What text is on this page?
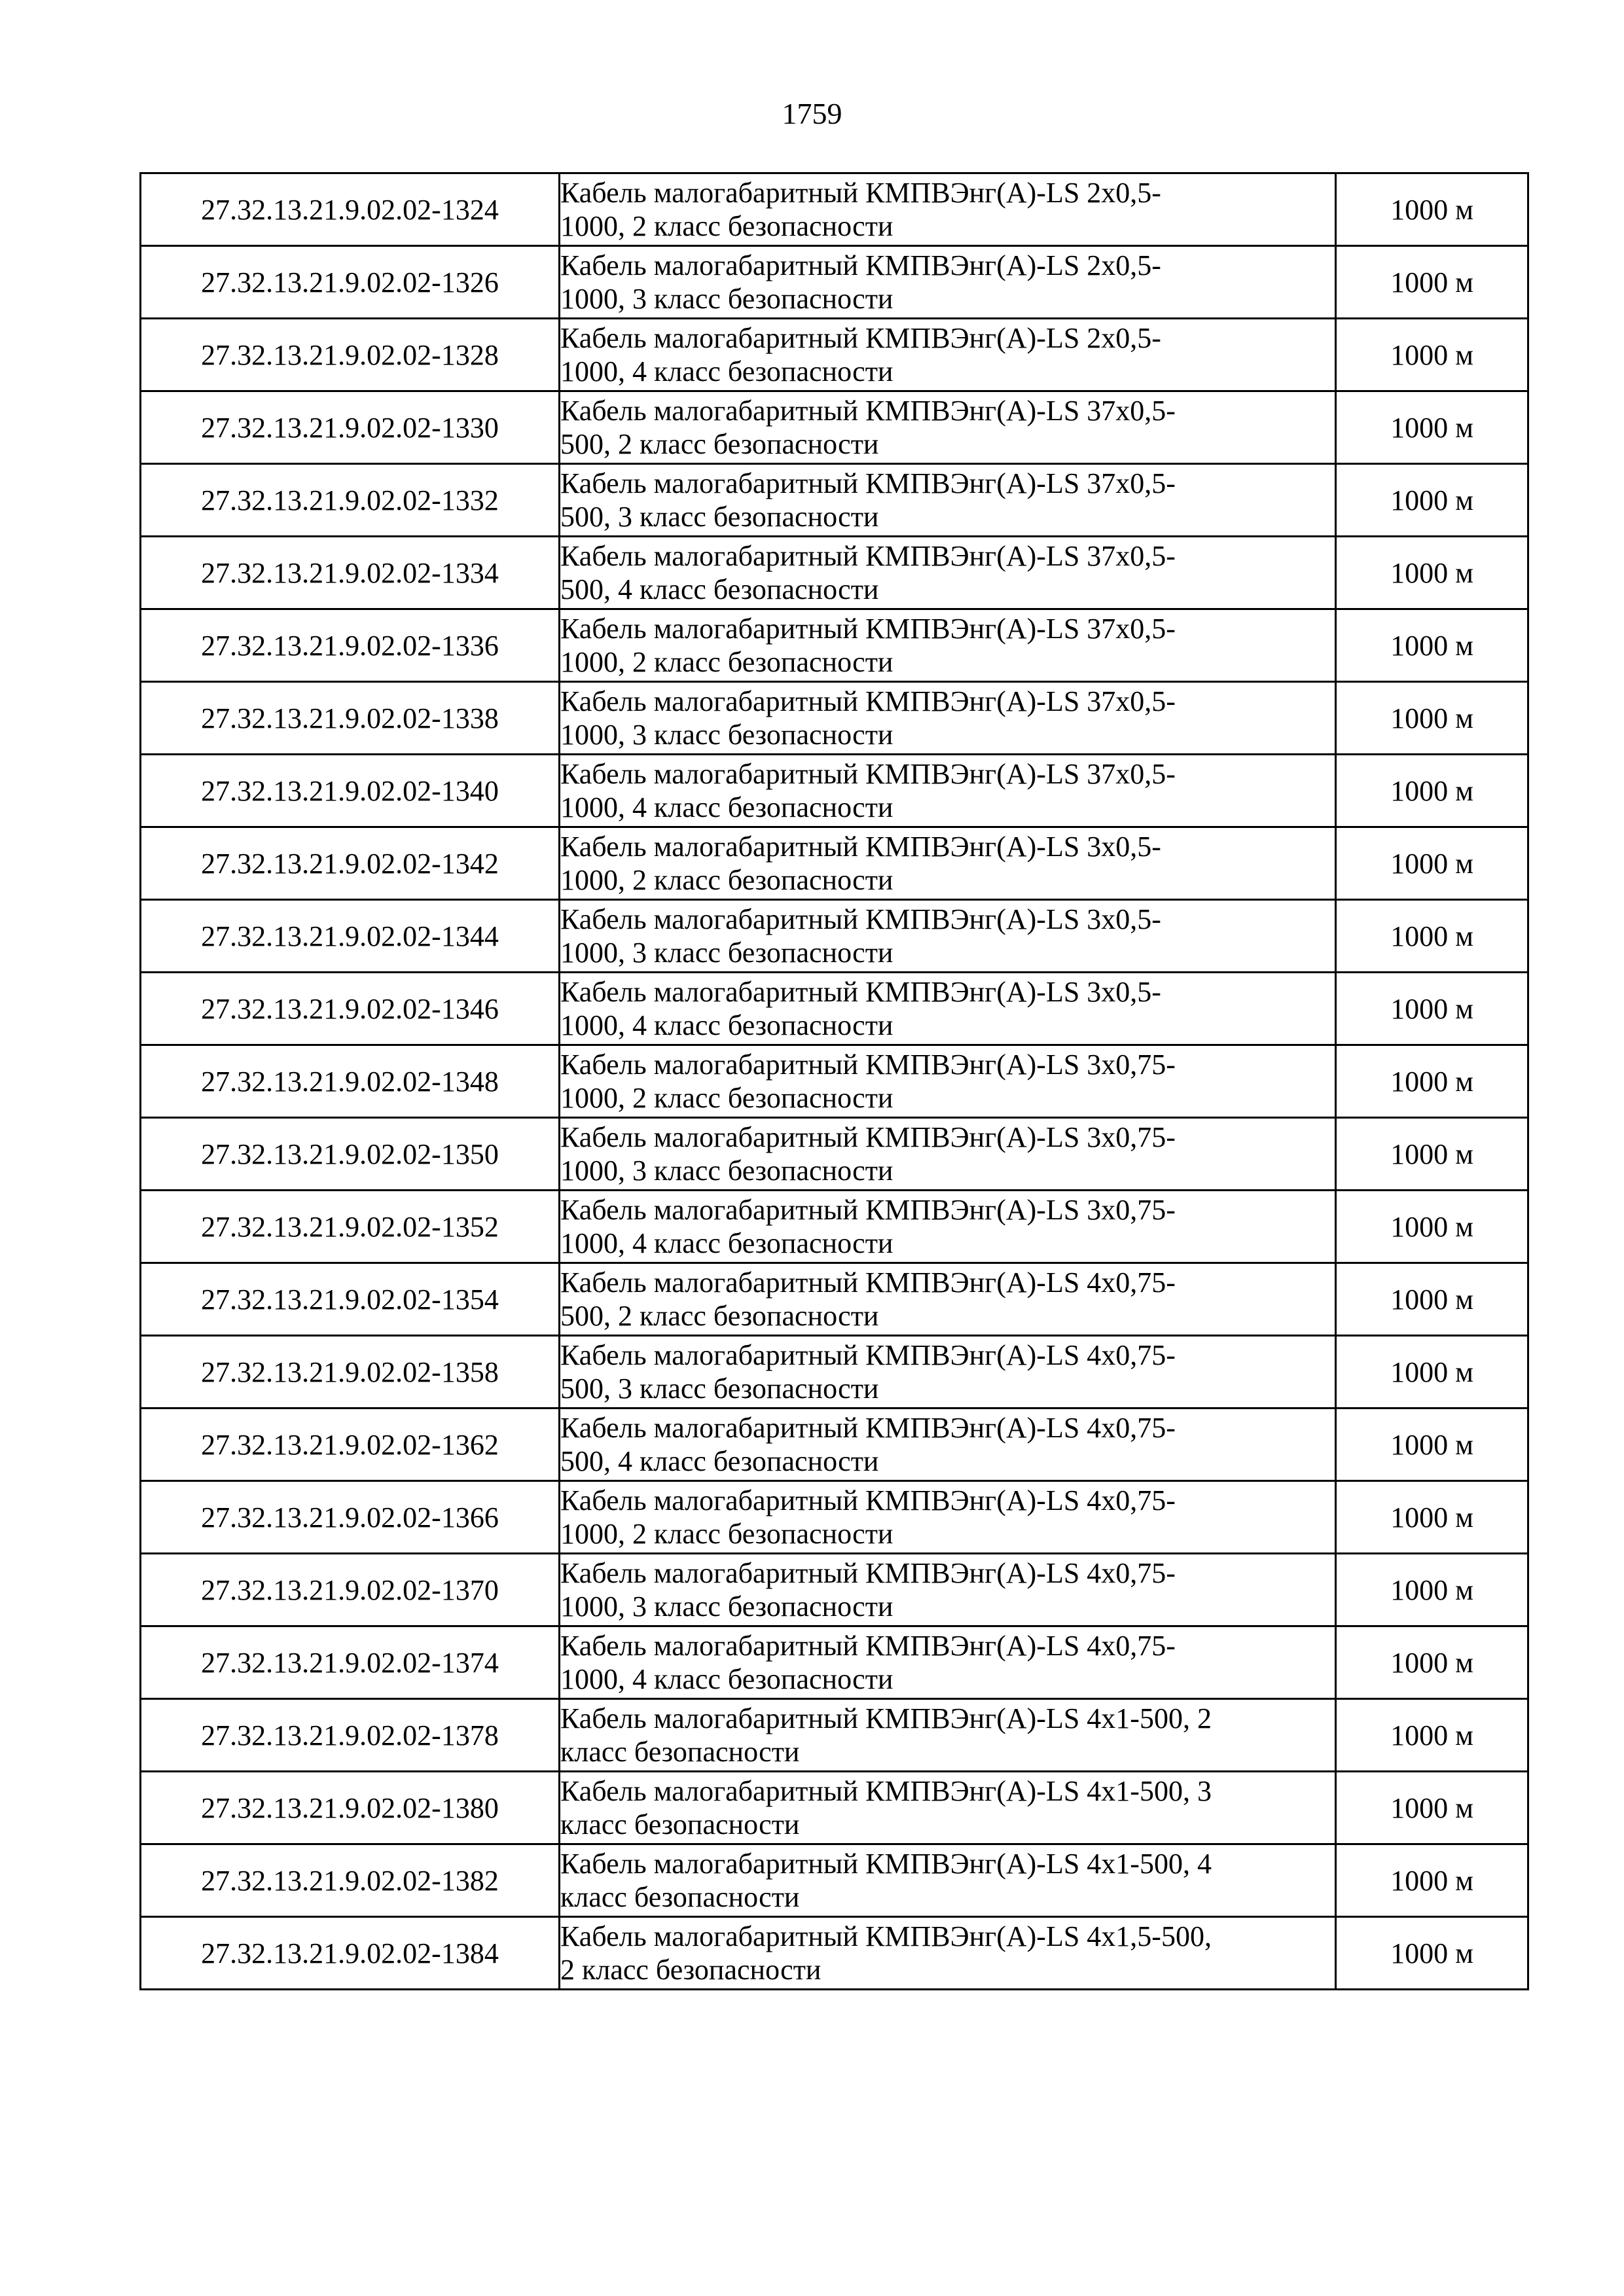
1759
27.32.13.21.9.02.02-1324	Кабель малогабаритный КМПВЭнг(A)-LS 2x0,5-
1000, 2 класс безопасности	1000 м
27.32.13.21.9.02.02-1326	Кабель малогабаритный КМПВЭнг(A)-LS 2x0,5-
1000, 3 класс безопасности	1000 м
27.32.13.21.9.02.02-1328	Кабель малогабаритный КМПВЭнг(A)-LS 2x0,5-
1000, 4 класс безопасности	1000 м
27.32.13.21.9.02.02-1330	Кабель малогабаритный КМПВЭнг(A)-LS 37x0,5-
500, 2 класс безопасности	1000 м
27.32.13.21.9.02.02-1332	Кабель малогабаритный КМПВЭнг(A)-LS 37x0,5-
500, 3 класс безопасности	1000 м
27.32.13.21.9.02.02-1334	Кабель малогабаритный КМПВЭнг(A)-LS 37x0,5-
500, 4 класс безопасности	1000 м
27.32.13.21.9.02.02-1336	Кабель малогабаритный КМПВЭнг(A)-LS 37x0,5-
1000, 2 класс безопасности	1000 м
27.32.13.21.9.02.02-1338	Кабель малогабаритный КМПВЭнг(A)-LS 37x0,5-
1000, 3 класс безопасности	1000 м
27.32.13.21.9.02.02-1340	Кабель малогабаритный КМПВЭнг(A)-LS 37x0,5-
1000, 4 класс безопасности	1000 м
27.32.13.21.9.02.02-1342	Кабель малогабаритный КМПВЭнг(A)-LS 3x0,5-
1000, 2 класс безопасности	1000 м
27.32.13.21.9.02.02-1344	Кабель малогабаритный КМПВЭнг(A)-LS 3x0,5-
1000, 3 класс безопасности	1000 м
27.32.13.21.9.02.02-1346	Кабель малогабаритный КМПВЭнг(A)-LS 3x0,5-
1000, 4 класс безопасности	1000 м
27.32.13.21.9.02.02-1348	Кабель малогабаритный КМПВЭнг(A)-LS 3x0,75-
1000, 2 класс безопасности	1000 м
27.32.13.21.9.02.02-1350	Кабель малогабаритный КМПВЭнг(A)-LS 3x0,75-
1000, 3 класс безопасности	1000 м
27.32.13.21.9.02.02-1352	Кабель малогабаритный КМПВЭнг(A)-LS 3x0,75-
1000, 4 класс безопасности	1000 м
27.32.13.21.9.02.02-1354	Кабель малогабаритный КМПВЭнг(A)-LS 4x0,75-
500, 2 класс безопасности	1000 м
27.32.13.21.9.02.02-1358	Кабель малогабаритный КМПВЭнг(A)-LS 4x0,75-
500, 3 класс безопасности	1000 м
27.32.13.21.9.02.02-1362	Кабель малогабаритный КМПВЭнг(A)-LS 4x0,75-
500, 4 класс безопасности	1000 м
27.32.13.21.9.02.02-1366	Кабель малогабаритный КМПВЭнг(A)-LS 4x0,75-
1000, 2 класс безопасности	1000 м
27.32.13.21.9.02.02-1370	Кабель малогабаритный КМПВЭнг(A)-LS 4x0,75-
1000, 3 класс безопасности	1000 м
27.32.13.21.9.02.02-1374	Кабель малогабаритный КМПВЭнг(A)-LS 4x0,75-
1000, 4 класс безопасности	1000 м
27.32.13.21.9.02.02-1378	Кабель малогабаритный КМПВЭнг(A)-LS 4x1-500, 2
класс безопасности	1000 м
27.32.13.21.9.02.02-1380	Кабель малогабаритный КМПВЭнг(A)-LS 4x1-500, 3
класс безопасности	1000 м
27.32.13.21.9.02.02-1382	Кабель малогабаритный КМПВЭнг(A)-LS 4x1-500, 4
класс безопасности	1000 м
27.32.13.21.9.02.02-1384	Кабель малогабаритный КМПВЭнг(A)-LS 4x1,5-500,
2 класс безопасности	1000 м
